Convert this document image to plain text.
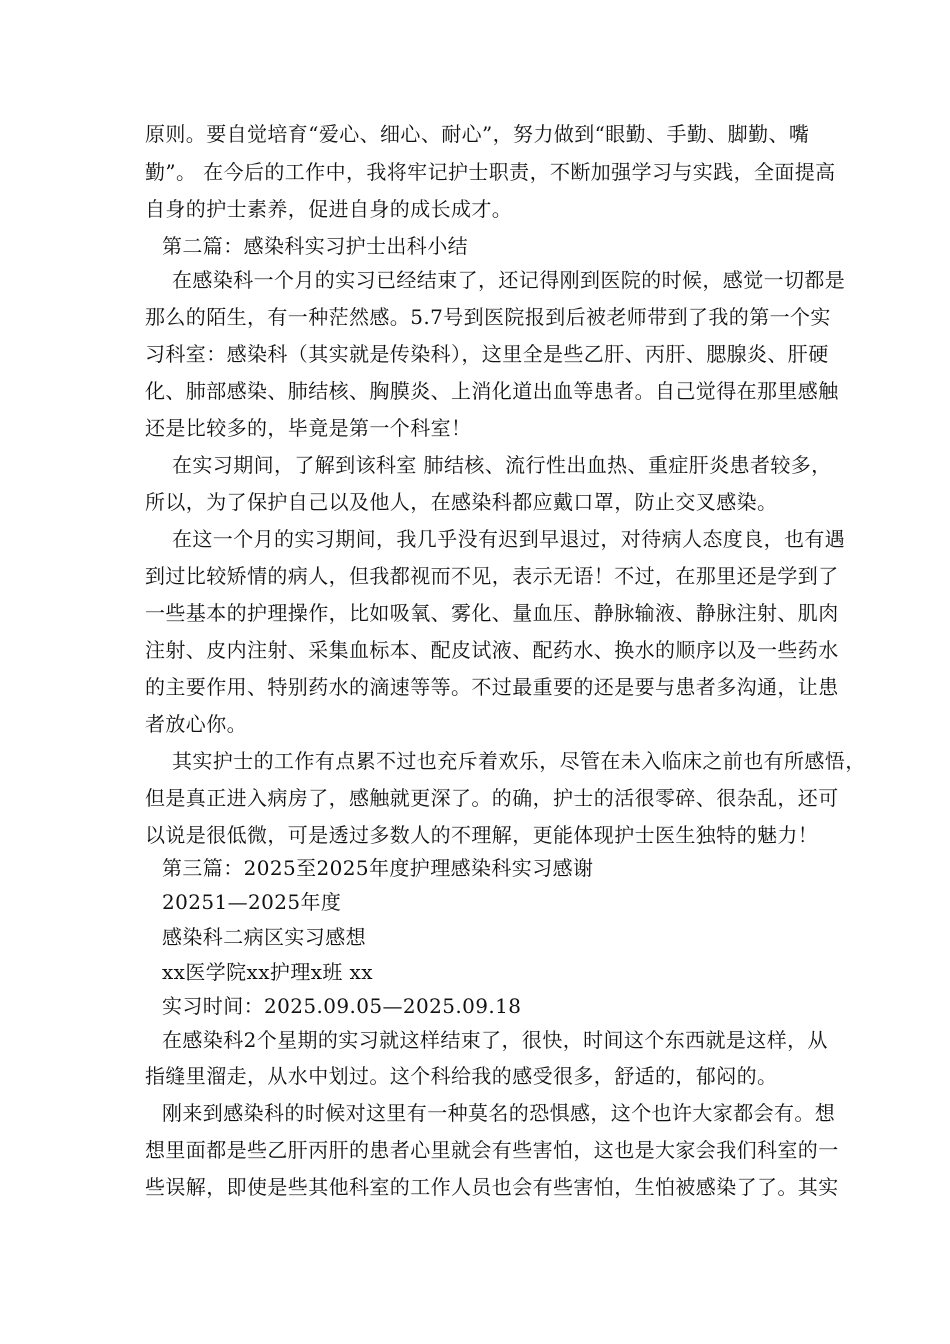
原则。要自觉培育“爱心、细心、耐心”，努力做到“眼勤、手勤、脚勤、嘴
勤”。 在今后的工作中，我将牢记护士职责，不断加强学习与实践，全面提高
自身的护士素养，促进自身的成长成才。
第二篇：感染科实习护士出科小结
在感染科一个月的实习已经结束了，还记得刚到医院的时候，感觉一切都是
那么的陌生，有一种茫然感。5.7号到医院报到后被老师带到了我的第一个实
习科室：感染科（其实就是传染科），这里全是些乙肝、丙肝、腮腺炎、肝硬
化、肺部感染、肺结核、胸膜炎、上消化道出血等患者。自己觉得在那里感触
还是比较多的，毕竟是第一个科室！
在实习期间，了解到该科室 肺结核、流行性出血热、重症肝炎患者较多，
所以，为了保护自己以及他人，在感染科都应戴口罩，防止交叉感染。
在这一个月的实习期间，我几乎没有迟到早退过，对待病人态度良，也有遇
到过比较矫情的病人，但我都视而不见，表示无语！不过，在那里还是学到了
一些基本的护理操作，比如吸氧、雾化、量血压、静脉输液、静脉注射、肌肉
注射、皮内注射、采集血标本、配皮试液、配药水、换水的顺序以及一些药水
的主要作用、特别药水的滴速等等。不过最重要的还是要与患者多沟通，让患
者放心你。
其实护士的工作有点累不过也充斥着欢乐，尽管在未入临床之前也有所感悟，
但是真正进入病房了，感触就更深了。的确，护士的活很零碎、很杂乱，还可
以说是很低微，可是透过多数人的不理解，更能体现护士医生独特的魅力！
第三篇：2025至2025年度护理感染科实习感谢
20251—2025年度
感染科二病区实习感想
xx医学院xx护理x班 xx
实习时间：2025.09.05—2025.09.18
在感染科2个星期的实习就这样结束了，很快，时间这个东西就是这样，从
指缝里溜走，从水中划过。这个科给我的感受很多，舒适的，郁闷的。
刚来到感染科的时候对这里有一种莫名的恐惧感，这个也许大家都会有。想
想里面都是些乙肝丙肝的患者心里就会有些害怕，这也是大家会我们科室的一
些误解，即使是些其他科室的工作人员也会有些害怕，生怕被感染了了。其实
